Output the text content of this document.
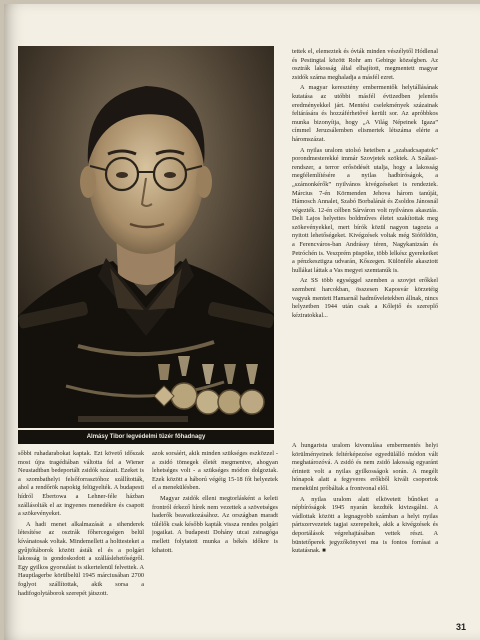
Almásy Tibor legvédelmi tüzér főhadnagy

tettek el, elemeztek és óvták minden vészélytől Hódlenal és Pestingtal között Rohr am Gebirge községben. Az osztrák lakosság által elhajított, megmentett magyar zsidók száma meghaladja a másfél ezret.

A magyar keresztény embermentők helytállásának kutatása az utóbbi másfél évtizedben jelentős eredményekkel járt. Mentési cselekmények százainak feltárására és hozzáférhetővé került sor. Az apróbbkos munka bizonyítja, hogy „A Világ Népeinek Igaza” címmel Jeruzsálemben elismertek létszáma elérte a háromszázat.

A nyilas uralom utolsó heteiben a „szabadcsapatok” porondmesterekké immár Szovjetek szöktek. A Szálasi-rendszer, a terror erősödését utalja, hogy a lakosság megfélemlítésére a nyilas hadbíróságok, a „számonkérők” nyilvános kivégzéseket is rendeztek. Március 7-én Körmenden Jehova három tanúját, Hámosch Annalet, Szabó Borbalánát és Zsoldos Jánosnál végezték. 12-én célben Sárváron volt nyilvános akasztás. Deli Lajos helyettes boldműves életet szakítottak meg szökevényekkel, mert bírók közül nagyon tagozta a nyitott lehetőségeket. Kivégzések voltak még Sióföldön, a Ferencváros-ban Andrássy téren, Nagykanizsán és Petróchén is. Veszprém püspöke, több lelkész gyerekeiket a pénzkesztigza udvarán, Kőszegen. Különféle akasztott hullákat láttak a Vas megyei szemtanúk is.

Az SS több egységgel szemben a szovjet erőkkel szembeni harcokban, összesen Kaposvár körzetéig vagyuk mentett Hamarnál hadműveletekben állnak, nincs helyzetben 1944 után csak a Kőlejtő és szereplő kéziratokkal...

sőbbi ruhadarabokat kaptak. Ezt követő időszak most újra tragédiában váltotta fel a Wiener Neustadtban bedeportált zsidók százait. Ezeket is a szombathelyi felsőforrasztóhoz szállították, ahol a rendőrök napokig felügyelték. A budapesti hídról Ebertowa a Lehner-féle házban szállásolták el az ingyenes menedékre és csapott a szökevényeket.

A hadi menet alkalmazását a sihenderek létesítése az osztrák főhercegségen belül kívánatosak voltak. Mindemellett a holttesteket a gyűjtőtáborok között ásták el és a polgári lakosság is gondoskodott a szálláslehetőségről. Egy gyilkos gyorsulást is sikertelenül felvettek. A Hauptlagerbe körülbelül 1945 márciusában 2700 foglyot szállítottak, akik sorsa a hadifogolytáborok szerepét játszott.

azok sorsáért, akik minden szükséges eszközzel - a zsidó tömegek életét megmentve, ahogyan lehetséges volt - a szükséges módon dolgoztak. Ezek között a háború végéig 15-18 főt helyeztek el a menekülésben.

Magyar zsidók elleni megtorlásként a keleti frontról érkező hírek nem vezettek a szövetséges haderők beavatkozásához. Az országban maradt túlélők csak később kapták vissza rendes polgári jogaikat. A budapesti Dohány utcai zsinagóga mellett folytatott munka a békés időkre is kihatott.

A hungarista uralom kivonulása embermentés helyi körülményeinek feltérképezése egyedülálló módon vált meghatározóvá. A zsidó és nem zsidó lakosság egyaránt érintett volt a nyilas gyilkosságok során. A megélt hónapok alatt a fegyveres erőkből kivált csoportok menekülni próbáltak a frontvonal elől.

A nyilas uralom alatt elkövetett bűnöket a népbíróságok 1945 nyarán kezdték kivizsgálni. A vádlottak között a legnagyobb számban a helyi nyilas pártszervezetek tagjai szerepeltek, akik a kivégzések és deportálások végrehajtásában vettek részt. A büntetőperek jegyzőkönyvei ma is fontos forrásai a kutatásnak. ■

31
